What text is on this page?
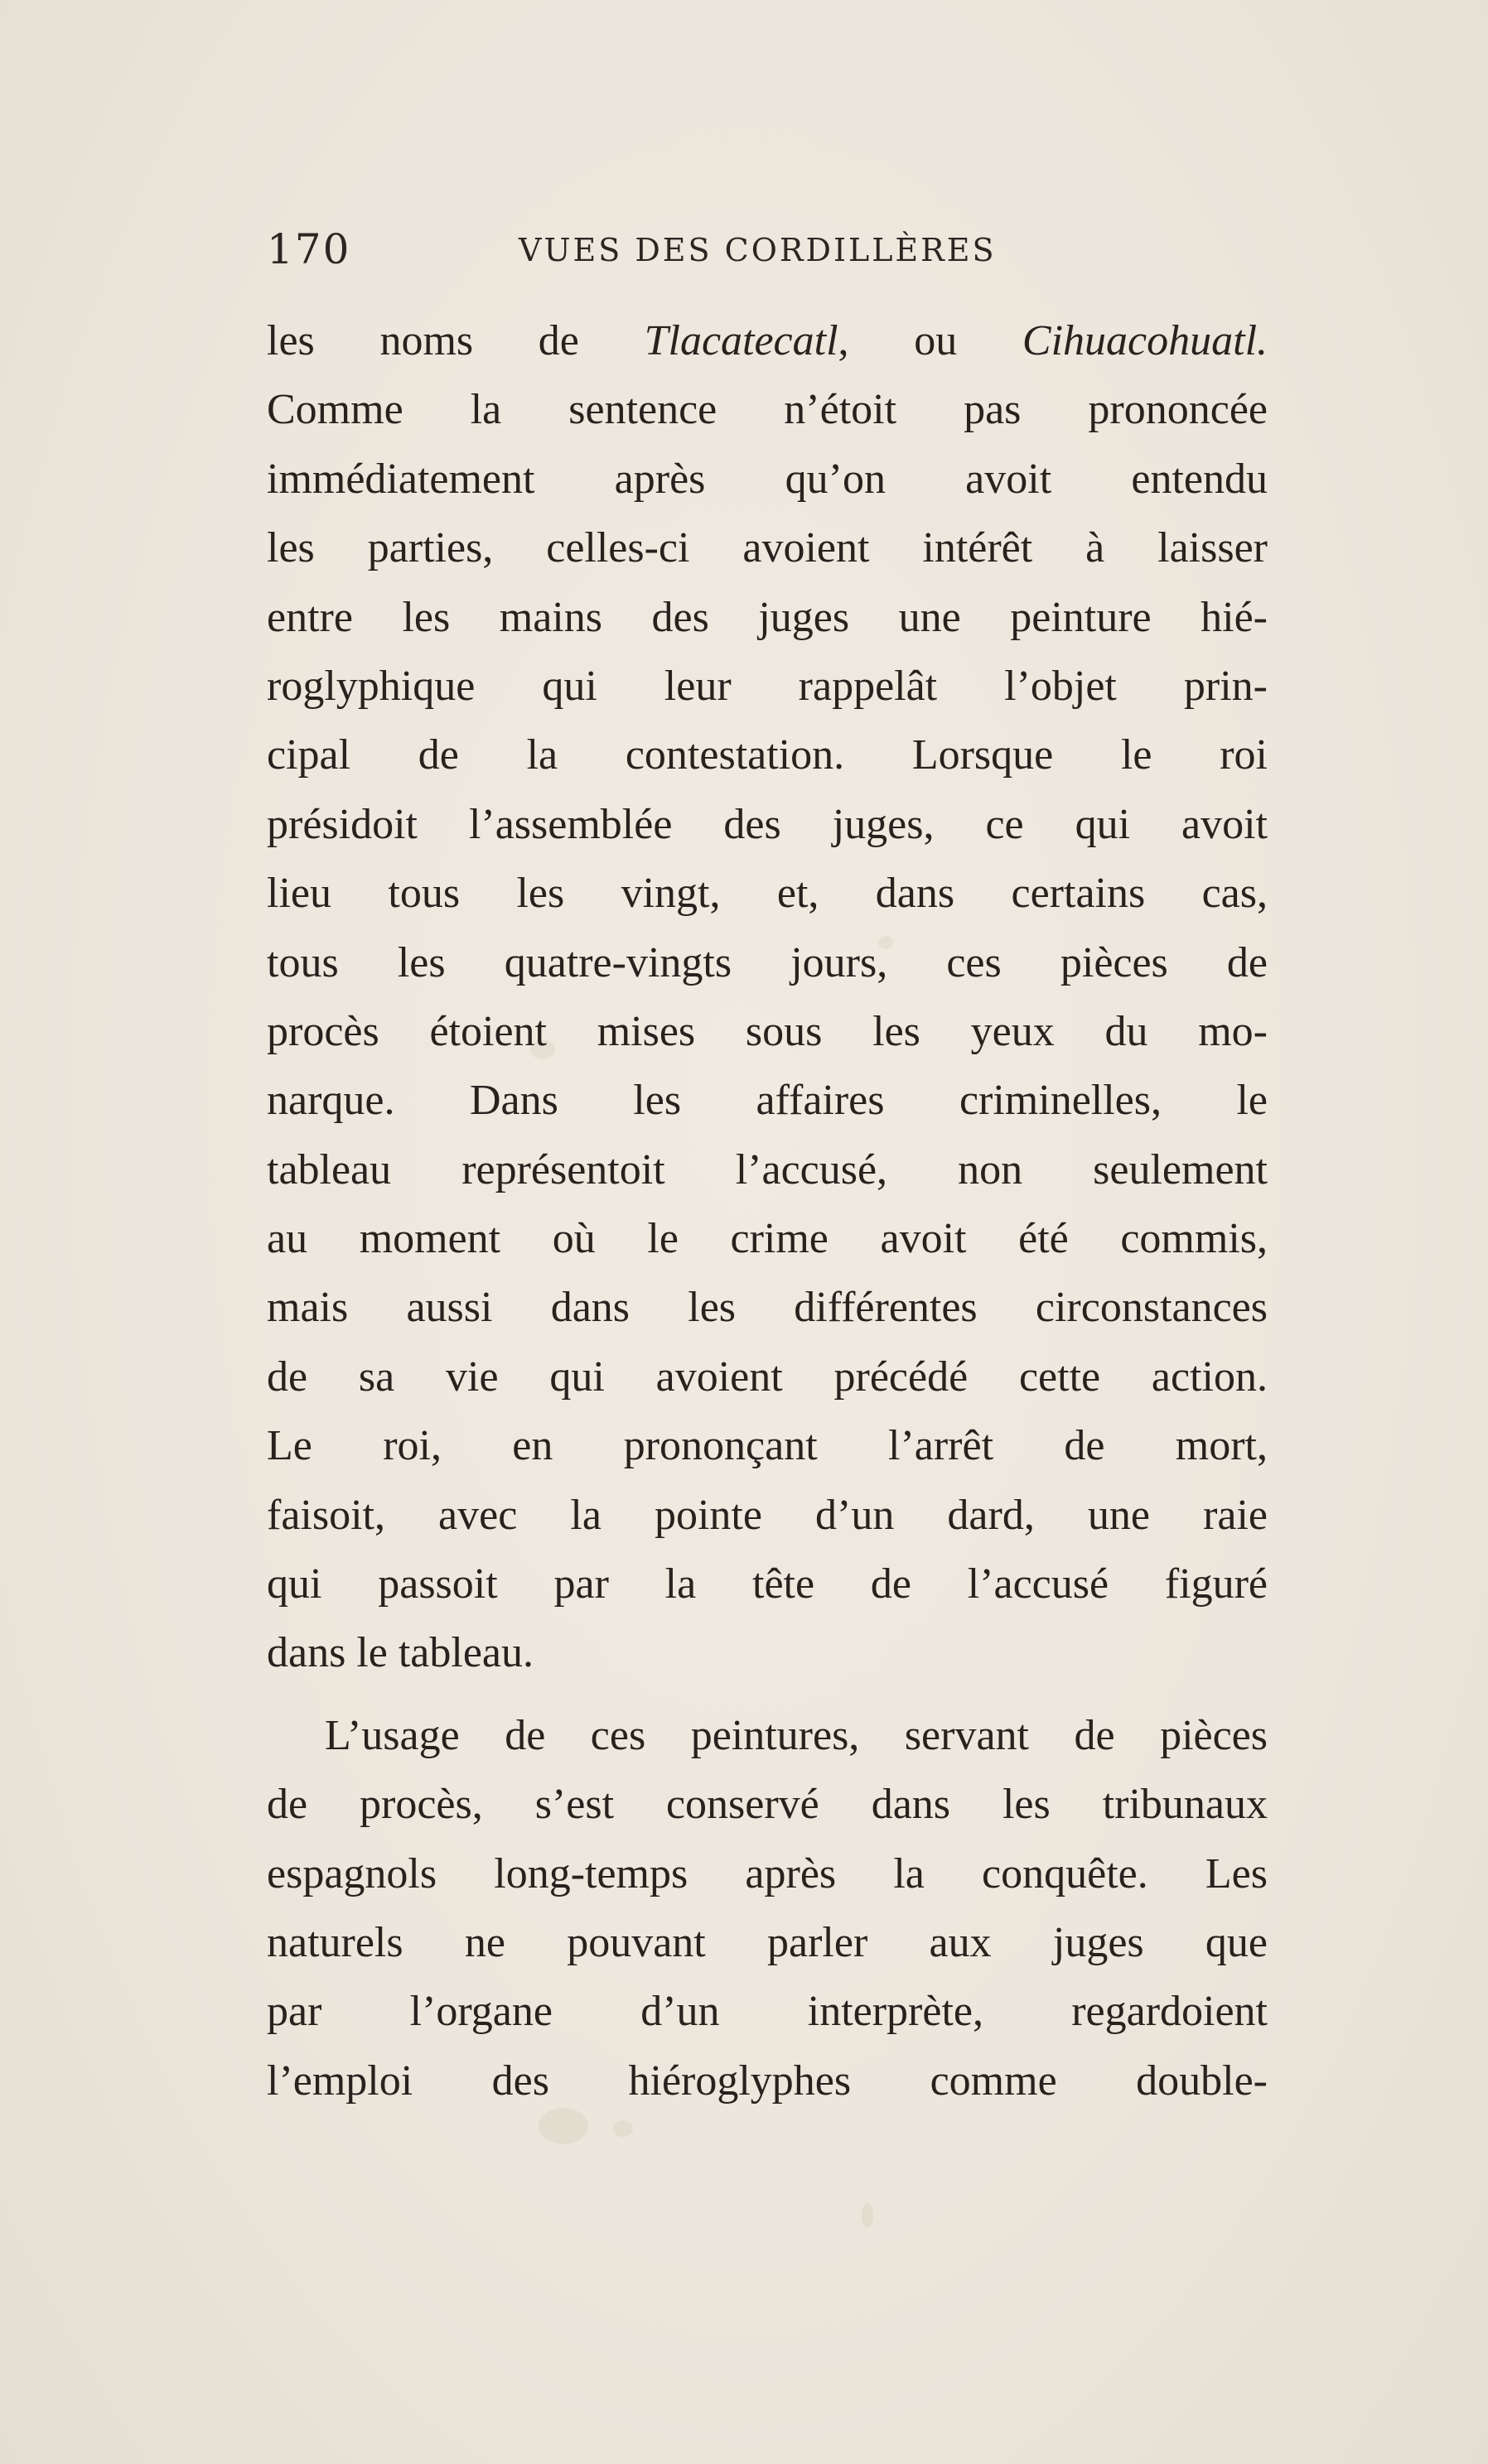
170	VUES DES CORDILLÈRES
les noms de Tlacatecatl, ou Cihuacohuatl.
Comme la sentence n’étoit pas prononcée
immédiatement après qu’on avoit entendu
les parties, celles-ci avoient intérêt à laisser
entre les mains des juges une peinture hié-
roglyphique qui leur rappelât l’objet prin-
cipal de la contestation. Lorsque le roi
présidoit l’assemblée des juges, ce qui avoit
lieu tous les vingt, et, dans certains cas,
tous les quatre-vingts jours, ces pièces de
procès étoient mises sous les yeux du mo-
narque. Dans les affaires criminelles, le
tableau représentoit l’accusé, non seulement
au moment où le crime avoit été commis,
mais aussi dans les différentes circonstances
de sa vie qui avoient précédé cette action.
Le roi, en prononçant l’arrêt de mort,
faisoit, avec la pointe d’un dard, une raie
qui passoit par la tête de l’accusé figuré
dans le tableau.
L’usage de ces peintures, servant de pièces
de procès, s’est conservé dans les tribunaux
espagnols long-temps après la conquête. Les
naturels ne pouvant parler aux juges que
par l’organe d’un interprète, regardoient
l’emploi des hiéroglyphes comme double-
